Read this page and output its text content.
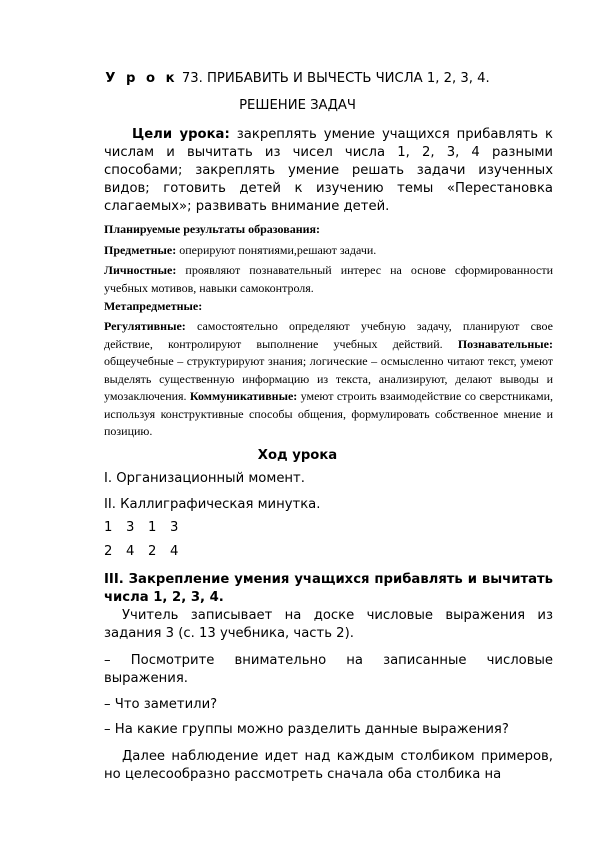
У р о к 73. ПРИБАВИТЬ И ВЫЧЕСТЬ ЧИСЛА 1, 2, 3, 4.

РЕШЕНИЕ ЗАДАЧ

Цели урока: закреплять умение учащихся прибавлять к числам и вычитать из чисел числа 1, 2, 3, 4 разными способами; закреплять умение решать задачи изученных видов; готовить детей к изучению темы «Перестановка слагаемых»; развивать внимание детей.

Планируемые результаты образования:

Предметные: оперируют понятиями,решают задачи.

Личностные: проявляют познавательный интерес на основе сформированности учебных мотивов, навыки самоконтроля.

Метапредметные:

Регулятивные: самостоятельно определяют учебную задачу, планируют свое действие, контролируют выполнение учебных действий. Познавательные: общеучебные – структурируют знания; логические – осмысленно читают текст, умеют выделять существенную информацию из текста, анализируют, делают выводы и умозаключения. Коммуникативные: умеют строить взаимодействие со сверстниками, используя конструктивные способы общения, формулировать собственное мнение и позицию.

Ход урока

I. Организационный момент.

II. Каллиграфическая минутка.

1 3 1 3

2 4 2 4

III. Закрепление умения учащихся прибавлять и вычитать числа 1, 2, 3, 4.

Учитель записывает на доске числовые выражения из задания 3 (с. 13 учебника, часть 2).

– Посмотрите внимательно на записанные числовые выражения.

– Что заметили?

– На какие группы можно разделить данные выражения?

Далее наблюдение идет над каждым столбиком примеров, но целесообразно рассмотреть сначала оба столбика на
